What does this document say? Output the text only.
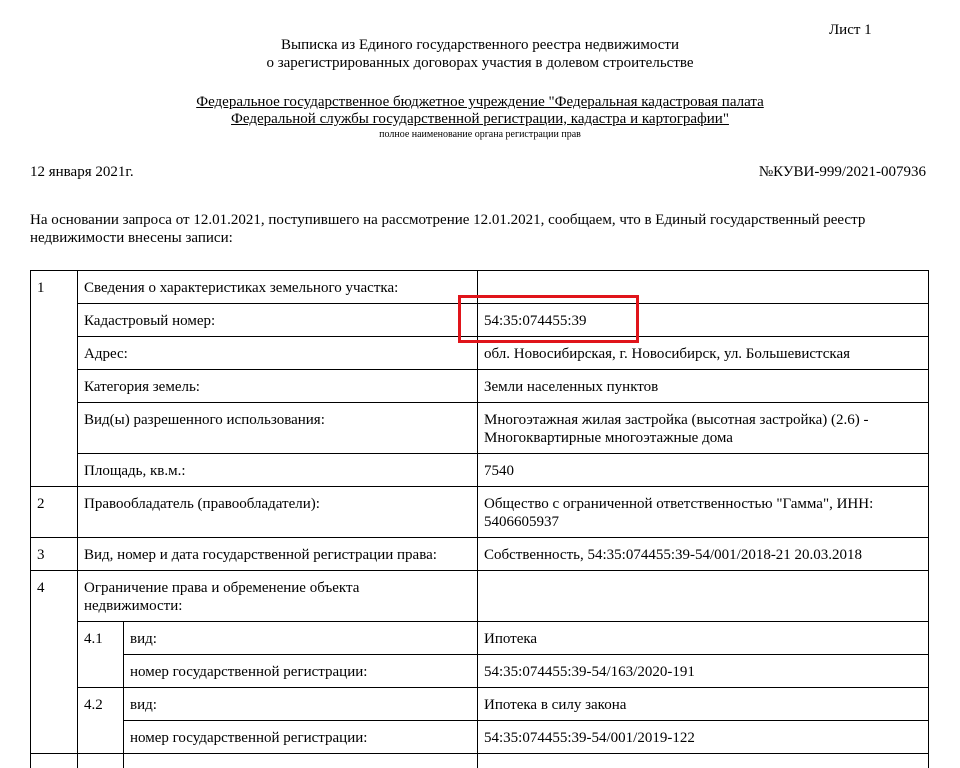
Лист 1
Выписка из Единого государственного реестра недвижимости
о зарегистрированных договорах участия в долевом строительстве
Федеральное государственное бюджетное учреждение "Федеральная кадастровая палата
Федеральной службы государственной регистрации, кадастра и картографии"
полное наименование органа регистрации прав
12 января 2021г.	№КУВИ-999/2021-007936
На основании запроса от 12.01.2021, поступившего на рассмотрение 12.01.2021, сообщаем, что в Единый государственный реестр недвижимости внесены записи:
1	Сведения о характеристиках земельного участка:		
	Кадастровый номер:		54:35:074455:39
	Адрес:		обл. Новосибирская, г. Новосибирск, ул. Большевистская
	Категория земель:		Земли населенных пунктов
	Вид(ы) разрешенного использования:		Многоэтажная жилая застройка (высотная застройка) (2.6) -
Многоквартирные многоэтажные дома

	Площадь, кв.м.:		7540
2	Правообладатель (правообладатели):		Общество с ограниченной ответственностью "Гамма", ИНН:
5406605937

3	Вид, номер и дата государственной регистрации права:		Собственность, 54:35:074455:39-54/001/2018-21 20.03.2018
4	Ограничение права и обременение объекта
недвижимости:		

	4.1	вид:	Ипотека
		номер государственной регистрации:	54:35:074455:39-54/163/2020-191
	4.2	вид:	Ипотека в силу закона
		номер государственной регистрации:	54:35:074455:39-54/001/2019-122
